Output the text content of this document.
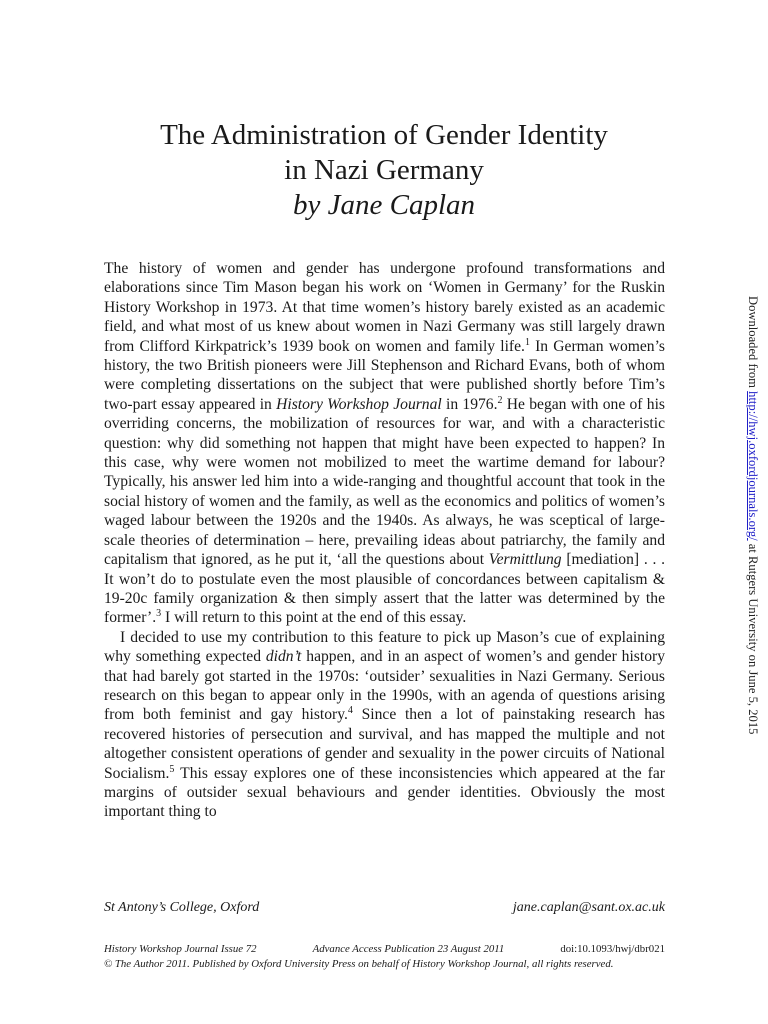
The Administration of Gender Identity
in Nazi Germany
by Jane Caplan

The history of women and gender has undergone profound transformations and elaborations since Tim Mason began his work on ‘Women in Germany’ for the Ruskin History Workshop in 1973. At that time women’s history barely existed as an academic field, and what most of us knew about women in Nazi Germany was still largely drawn from Clifford Kirkpatrick’s 1939 book on women and family life.$^1$ In German women’s history, the two British pioneers were Jill Stephenson and Richard Evans, both of whom were completing dissertations on the subject that were published shortly before Tim’s two-part essay appeared in History Workshop Journal in 1976.$^2$ He began with one of his overriding concerns, the mobilization of resources for war, and with a characteristic question: why did something not happen that might have been expected to happen? In this case, why were women not mobilized to meet the wartime demand for labour? Typically, his answer led him into a wide-ranging and thoughtful account that took in the social history of women and the family, as well as the economics and politics of women’s waged labour between the 1920s and the 1940s. As always, he was sceptical of large-scale theories of determination – here, prevailing ideas about patriarchy, the family and capitalism that ignored, as he put it, ‘all the questions about Vermittlung [mediation] . . . It won’t do to postulate even the most plausible of concordances between capitalism & 19-20c family organization & then simply assert that the latter was determined by the former’.$^3$ I will return to this point at the end of this essay.

I decided to use my contribution to this feature to pick up Mason’s cue of explaining why something expected didn’t happen, and in an aspect of women’s and gender history that had barely got started in the 1970s: ‘outsider’ sexualities in Nazi Germany. Serious research on this began to appear only in the 1990s, with an agenda of questions arising from both feminist and gay history.$^4$ Since then a lot of painstaking research has recovered histories of persecution and survival, and has mapped the multiple and not altogether consistent operations of gender and sexuality in the power circuits of National Socialism.$^5$ This essay explores one of these inconsistencies which appeared at the far margins of outsider sexual behaviours and gender identities. Obviously the most important thing to

St Antony’s College, Oxford	jane.caplan@sant.ox.ac.uk
History Workshop Journal Issue 72	Advance Access Publication 23 August 2011	doi:10.1093/hwj/dbr021
© The Author 2011. Published by Oxford University Press on behalf of History Workshop Journal, all rights reserved.
Downloaded from http://hwj.oxfordjournals.org/ at Rutgers University on June 5, 2015
